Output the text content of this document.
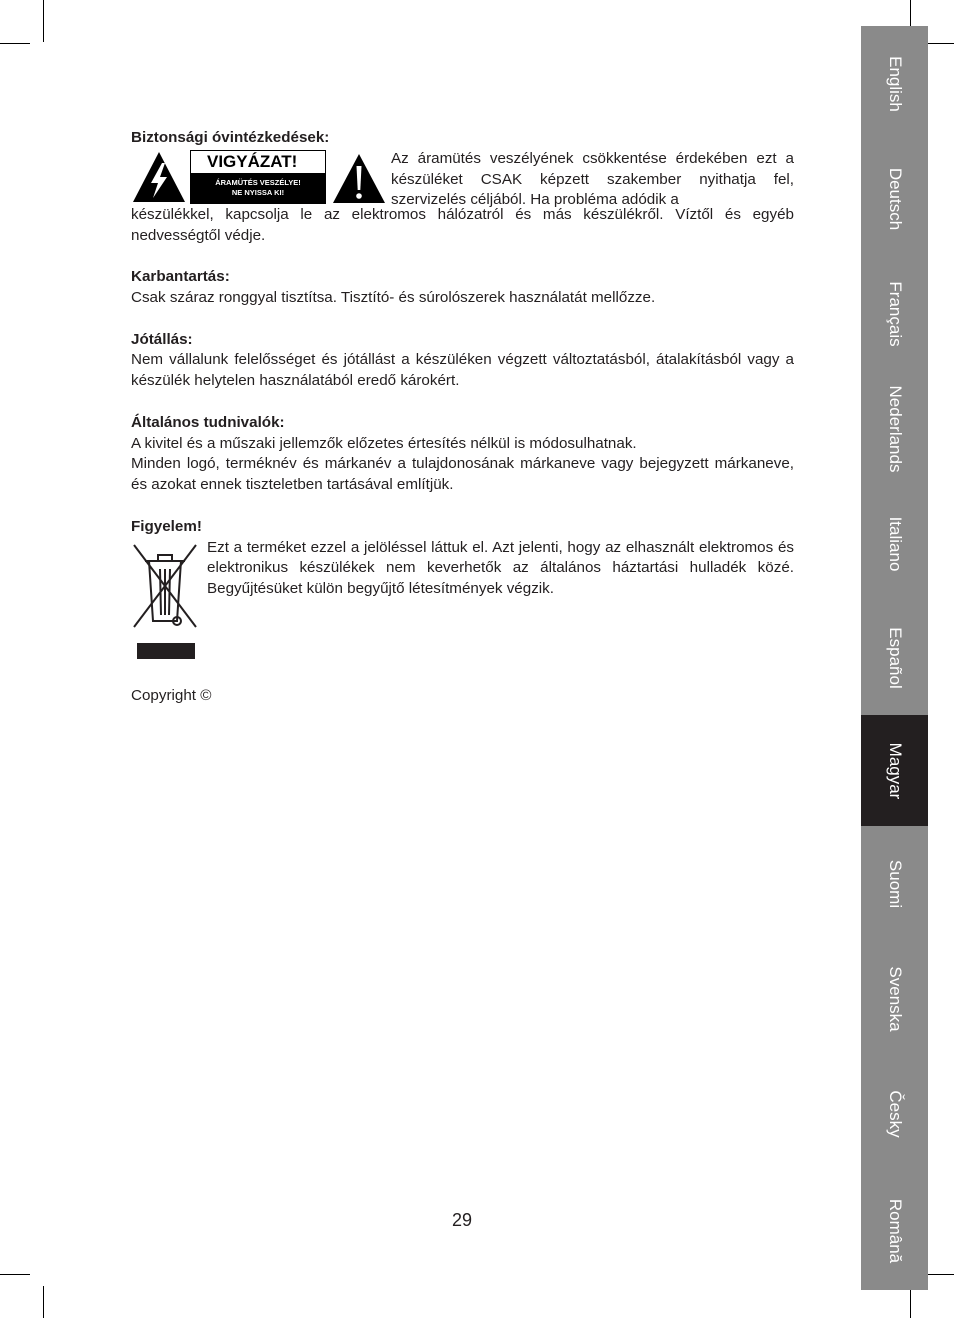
Biztonsági óvintézkedések:

VIGYÁZAT!
ÁRAMÜTÉS VESZÉLYE!
NE NYISSA KI!

Az áramütés veszélyének csökkentése érdekében ezt a készüléket CSAK képzett szakember nyithatja fel, szervizelés céljából. Ha probléma adódik a

készülékkel, kapcsolja le az elektromos hálózatról és más készülékről. Víztől és egyéb nedvességtől védje.

Karbantartás:

Csak száraz ronggyal tisztítsa. Tisztító- és súrolószerek használatát mellőzze.

Jótállás:

Nem vállalunk felelősséget és jótállást a készüléken végzett változtatásból, átalakításból vagy a készülék helytelen használatából eredő károkért.

Általános tudnivalók:

A kivitel és a műszaki jellemzők előzetes értesítés nélkül is módosulhatnak.

Minden logó, terméknév és márkanév a tulajdonosának márkaneve vagy bejegyzett márkaneve, és azokat ennek tiszteletben tartásával említjük.

Figyelem!

Ezt a terméket ezzel a jelöléssel láttuk el. Azt jelenti, hogy az elhasznált elektromos és elektronikus készülékek nem keverhetők az általános háztartási hulladék közé. Begyűjtésüket külön begyűjtő létesítmények végzik.

Copyright ©

29
English
Deutsch
Français
Nederlands
Italiano
Español
Magyar
Suomi
Svenska
Česky
Română
